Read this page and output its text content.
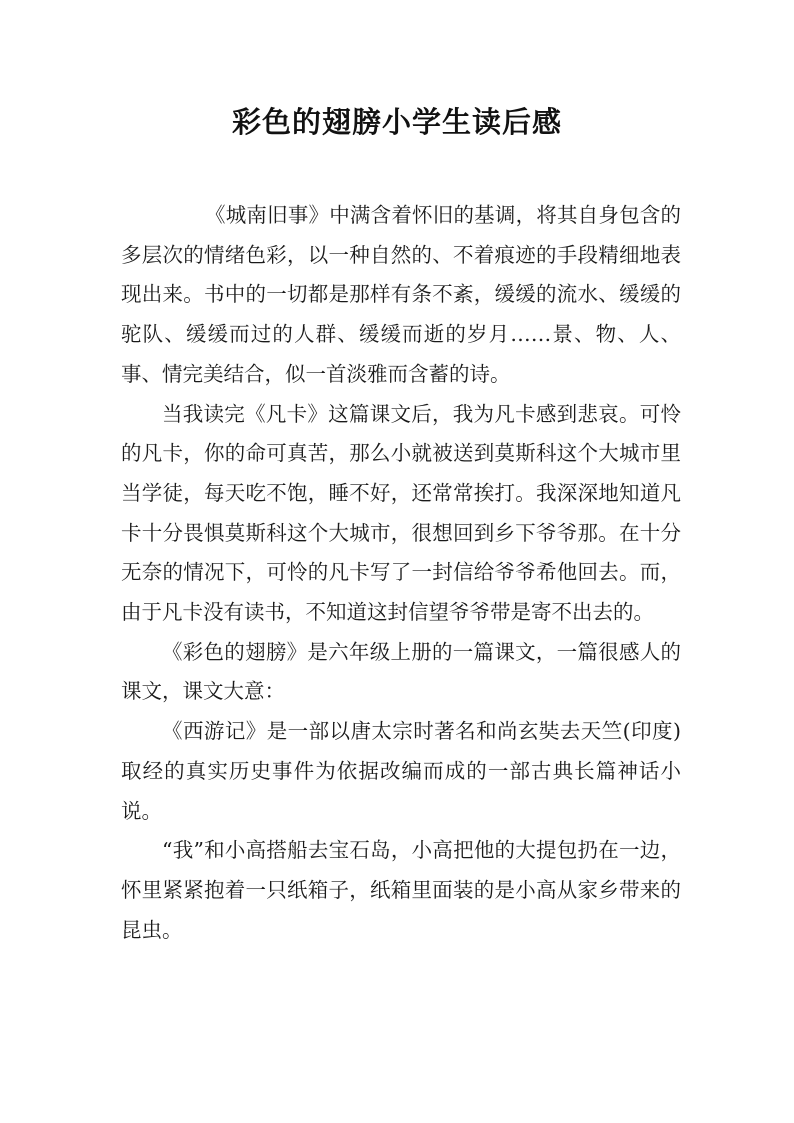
彩色的翅膀小学生读后感

《城南旧事》中满含着怀旧的基调，将其自身包含的多层次的情绪色彩，以一种自然的、不着痕迹的手段精细地表现出来。书中的一切都是那样有条不紊，缓缓的流水、缓缓的驼队、缓缓而过的人群、缓缓而逝的岁月……景、物、人、事、情完美结合，似一首淡雅而含蓄的诗。

当我读完《凡卡》这篇课文后，我为凡卡感到悲哀。可怜的凡卡，你的命可真苦，那么小就被送到莫斯科这个大城市里当学徒，每天吃不饱，睡不好，还常常挨打。我深深地知道凡卡十分畏惧莫斯科这个大城市，很想回到乡下爷爷那。在十分无奈的情况下，可怜的凡卡写了一封信给爷爷希他回去。而，由于凡卡没有读书，不知道这封信望爷爷带是寄不出去的。

《彩色的翅膀》是六年级上册的一篇课文，一篇很感人的课文，课文大意：

《西游记》是一部以唐太宗时著名和尚玄奘去天竺(印度)取经的真实历史事件为依据改编而成的一部古典长篇神话小说。

“我”和小高搭船去宝石岛，小高把他的大提包扔在一边，怀里紧紧抱着一只纸箱子，纸箱里面装的是小高从家乡带来的昆虫。
